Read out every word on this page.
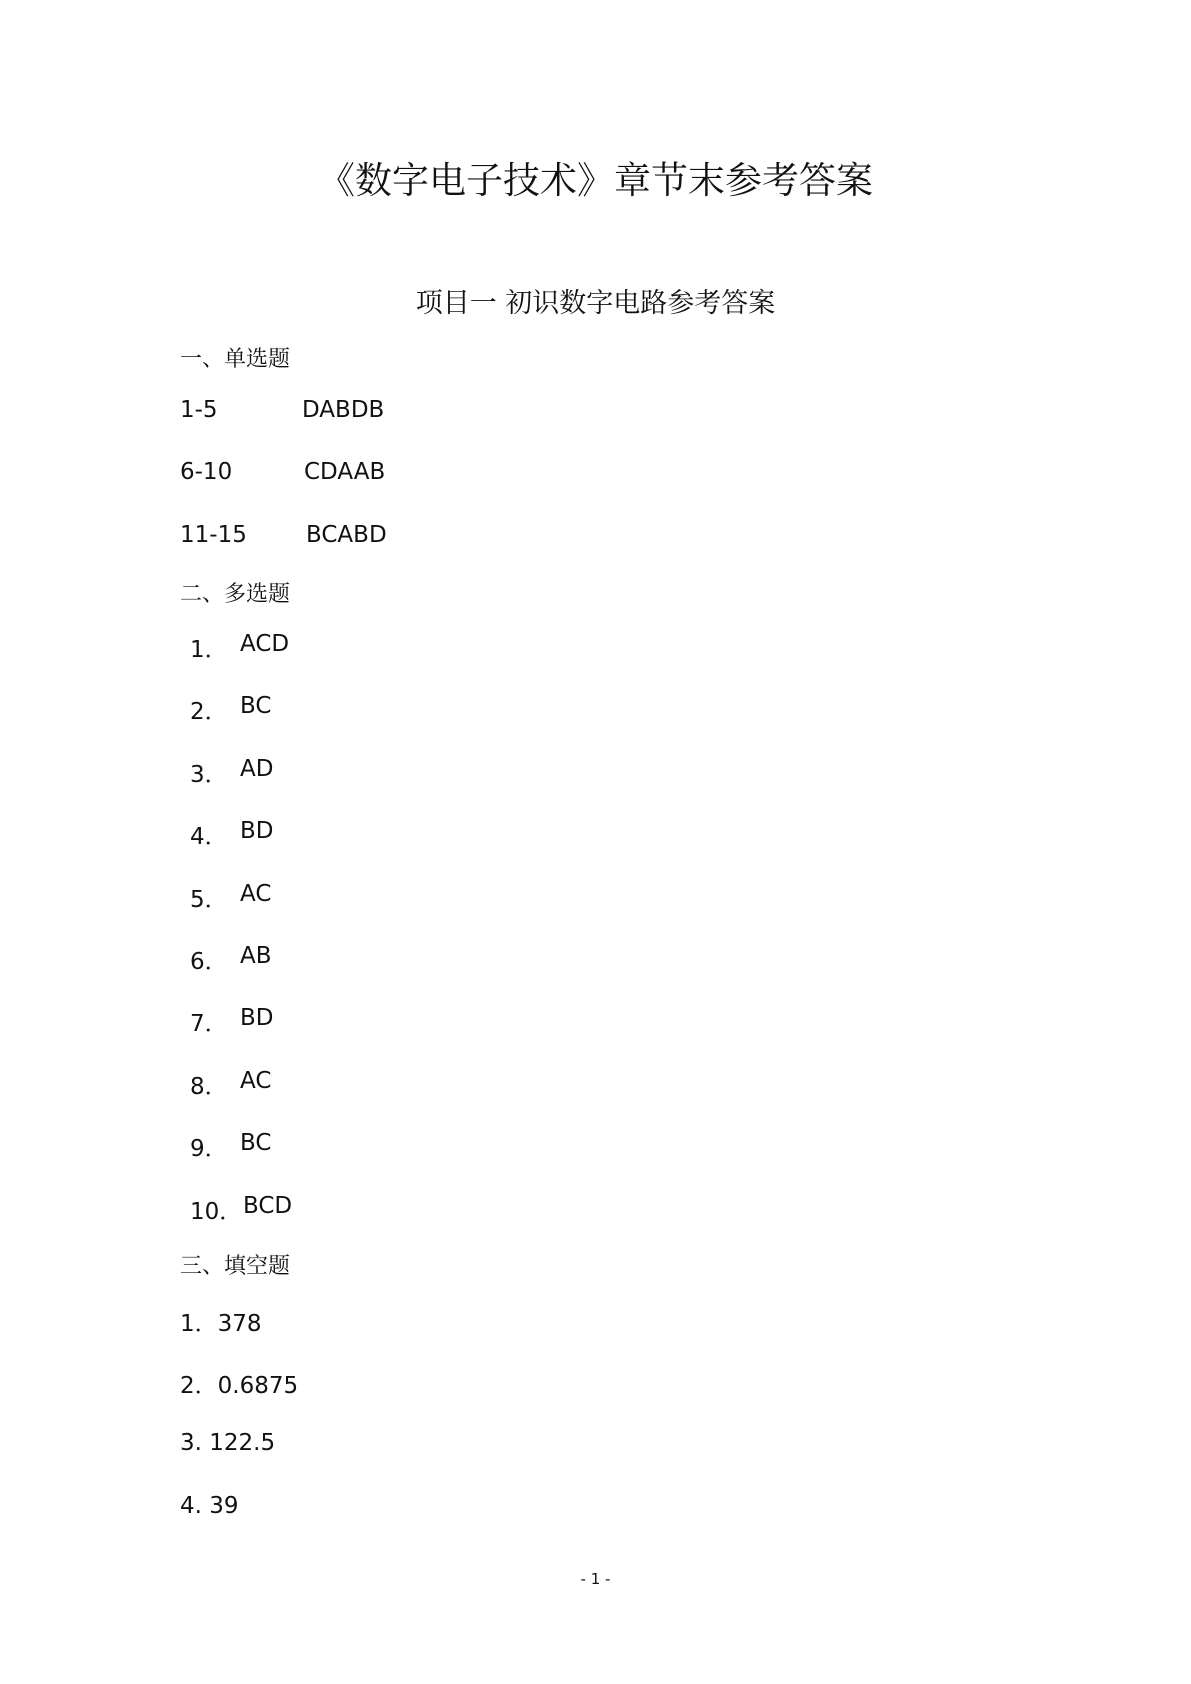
《数字电子技术》章节末参考答案
项目一 初识数字电路参考答案
一、单选题
1-5	DABDB
6-10	CDAAB
11-15	BCABD
二、多选题
1． ACD
2． BC
3． AD
4． BD
5． AC
6． AB
7． BD
8． AC
9． BC
10． BCD
三、填空题
1．378
2．0.6875
3. 122.5
4. 39
- 1 -
